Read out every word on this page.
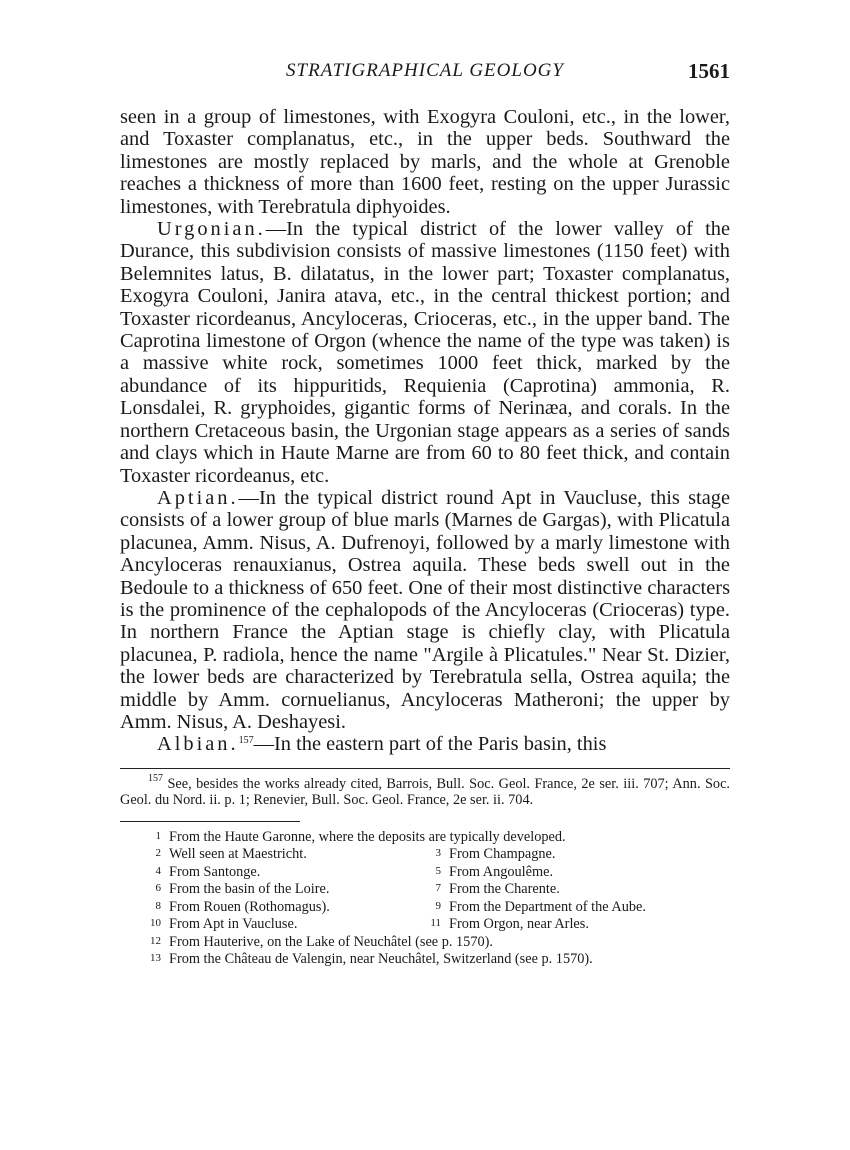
STRATIGRAPHICAL GEOLOGY	1561

seen in a group of limestones, with Exogyra Couloni, etc., in the lower, and Toxaster complanatus, etc., in the upper beds. Southward the limestones are mostly replaced by marls, and the whole at Grenoble reaches a thickness of more than 1600 feet, resting on the upper Jurassic limestones, with Terebratula diphyoides.

Urgonian.—In the typical district of the lower valley of the Durance, this subdivision consists of massive limestones (1150 feet) with Belemnites latus, B. dilatatus, in the lower part; Toxaster complanatus, Exogyra Couloni, Janira atava, etc., in the central thickest portion; and Toxaster ricordeanus, Ancyloceras, Crioceras, etc., in the upper band. The Caprotina limestone of Orgon (whence the name of the type was taken) is a massive white rock, sometimes 1000 feet thick, marked by the abundance of its hippuritids, Requienia (Caprotina) ammonia, R. Lonsdalei, R. gryphoides, gigantic forms of Nerinæa, and corals. In the northern Cretaceous basin, the Urgonian stage appears as a series of sands and clays which in Haute Marne are from 60 to 80 feet thick, and contain Toxaster ricordeanus, etc.

Aptian.—In the typical district round Apt in Vaucluse, this stage consists of a lower group of blue marls (Marnes de Gargas), with Plicatula placunea, Amm. Nisus, A. Dufrenoyi, followed by a marly limestone with Ancyloceras renauxianus, Ostrea aquila. These beds swell out in the Bedoule to a thickness of 650 feet. One of their most distinctive characters is the prominence of the cephalopods of the Ancyloceras (Crioceras) type. In northern France the Aptian stage is chiefly clay, with Plicatula placunea, P. radiola, hence the name "Argile à Plicatules." Near St. Dizier, the lower beds are characterized by Terebratula sella, Ostrea aquila; the middle by Amm. cornuelianus, Ancyloceras Matheroni; the upper by Amm. Nisus, A. Deshayesi.

Albian.$^{157}$—In the eastern part of the Paris basin, this

$^{157}$ See, besides the works already cited, Barrois, Bull. Soc. Geol. France, 2e ser. iii. 707; Ann. Soc. Geol. du Nord. ii. p. 1; Renevier, Bull. Soc. Geol. France, 2e ser. ii. 704.
1 From the Haute Garonne, where the deposits are typically developed.
2 Well seen at Maestricht.	3 From Champagne.
4 From Santonge.	5 From Angoulême.
6 From the basin of the Loire.	7 From the Charente.
8 From Rouen (Rothomagus).	9 From the Department of the Aube.
10 From Apt in Vaucluse.	11 From Orgon, near Arles.
12 From Hauterive, on the Lake of Neuchâtel (see p. 1570).
13 From the Château de Valengin, near Neuchâtel, Switzerland (see p. 1570).
